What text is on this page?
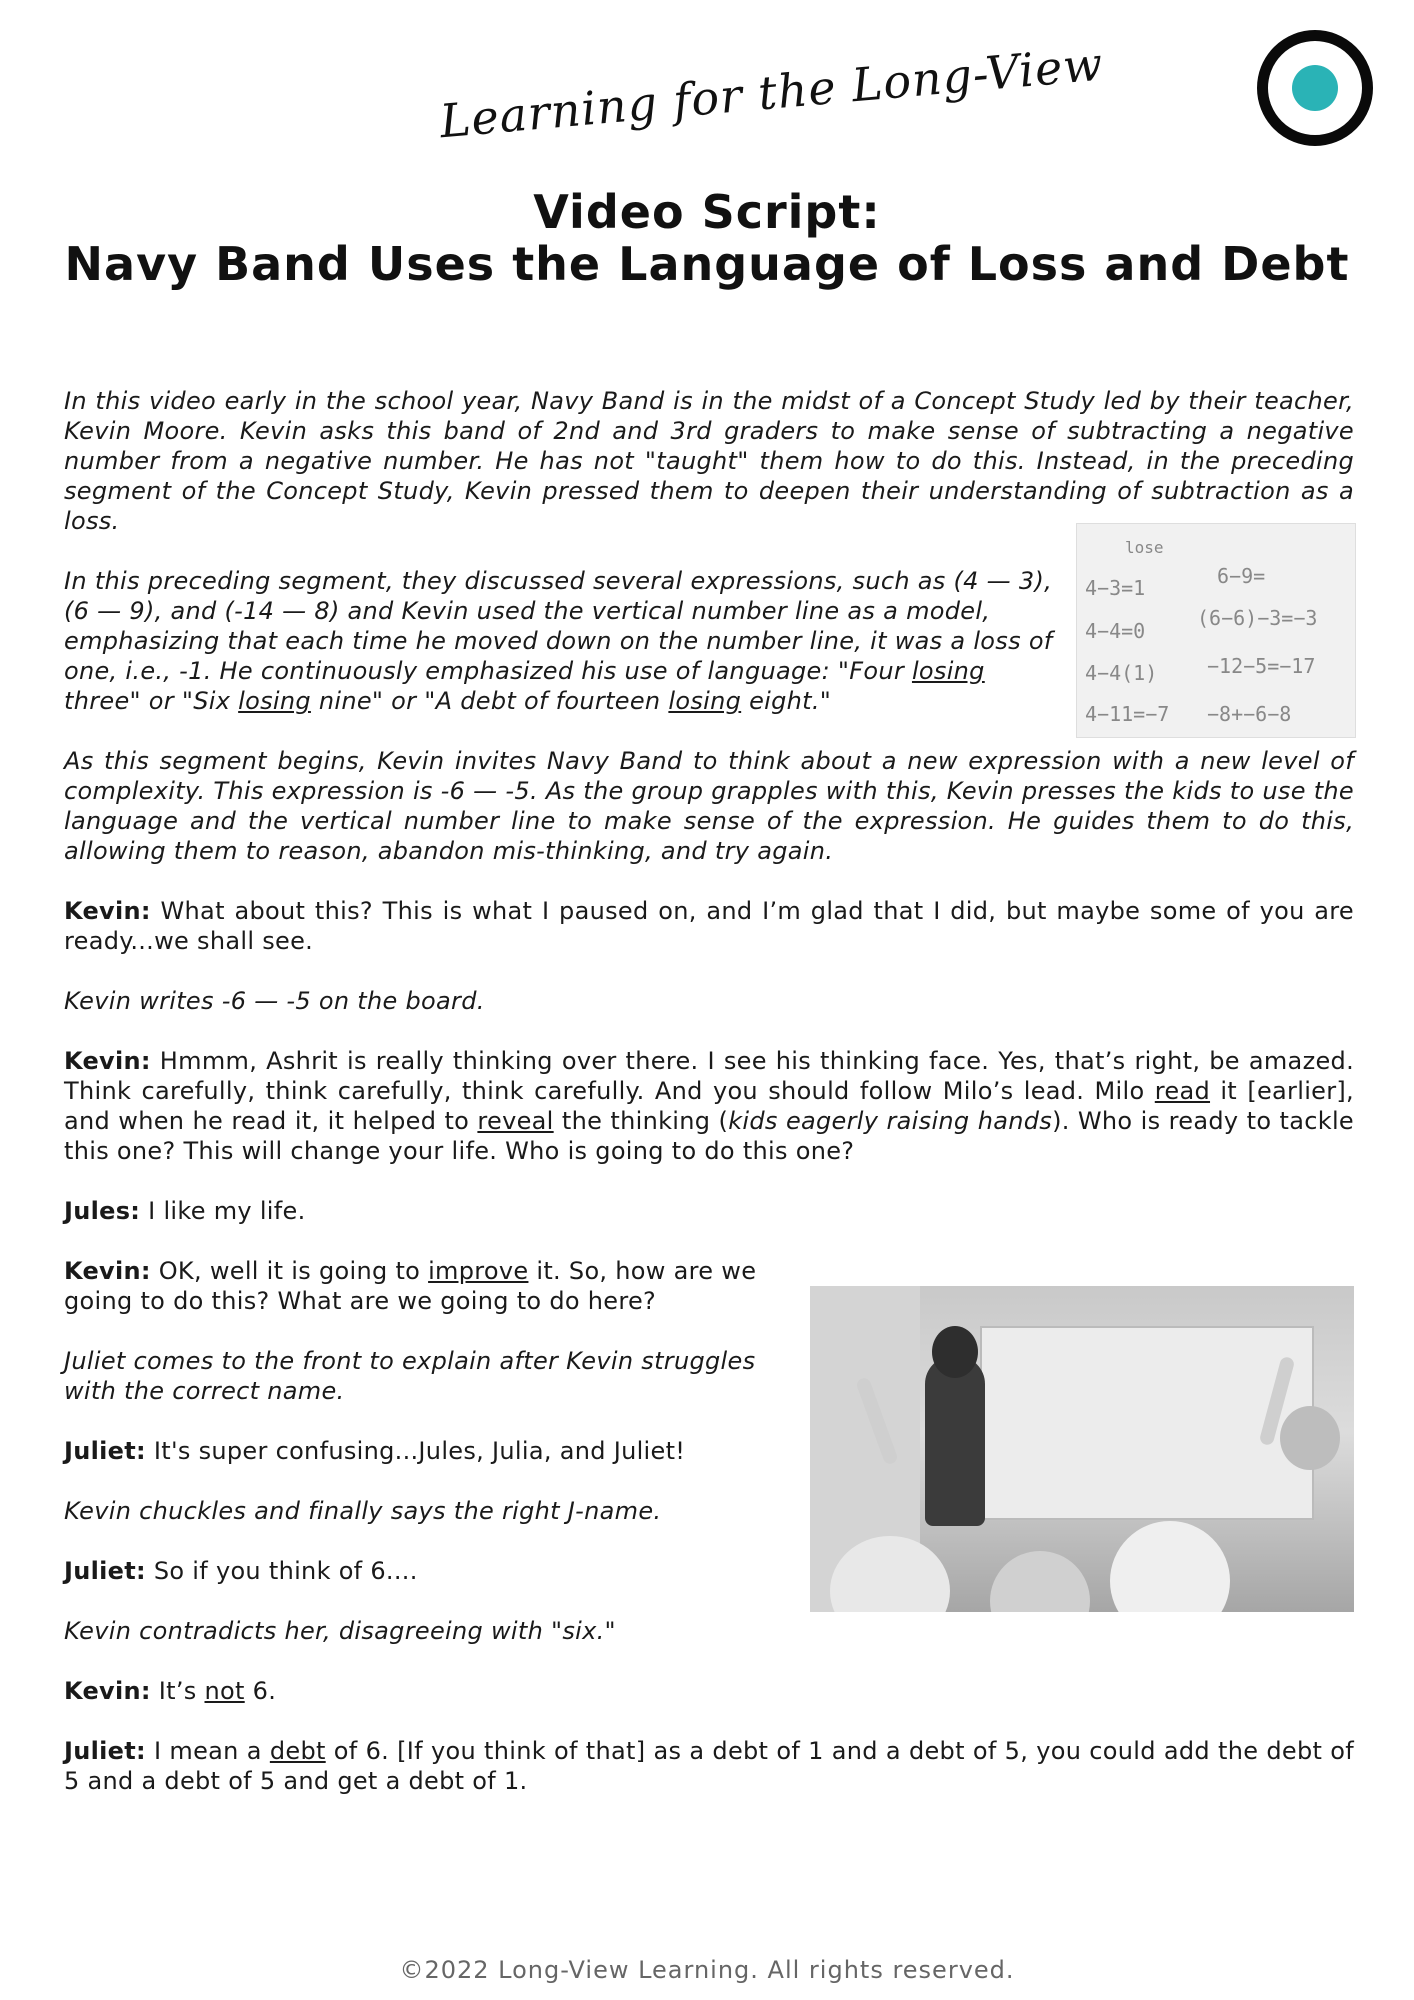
Learning for the Long-View
Video Script:
Navy Band Uses the Language of Loss and Debt

In this video early in the school year, Navy Band is in the midst of a Concept Study led by their teacher, Kevin Moore. Kevin asks this band of 2nd and 3rd graders to make sense of subtracting a negative number from a negative number. He has not "taught" them how to do this. Instead, in the preceding segment of the Concept Study, Kevin pressed them to deepen their understanding of subtraction as a loss.

In this preceding segment, they discussed several expressions, such as (4 — 3), (6 — 9), and (-14 — 8) and Kevin used the vertical number line as a model, emphasizing that each time he moved down on the number line, it was a loss of one, i.e., -1. He continuously emphasized his use of language: "Four losing three" or "Six losing nine" or "A debt of fourteen losing eight."

As this segment begins, Kevin invites Navy Band to think about a new expression with a new level of complexity. This expression is -6 — -5. As the group grapples with this, Kevin presses the kids to use the language and the vertical number line to make sense of the expression. He guides them to do this, allowing them to reason, abandon mis-thinking, and try again.

Kevin: What about this? This is what I paused on, and I’m glad that I did, but maybe some of you are ready...we shall see.

Kevin writes -6 — -5 on the board.

Kevin: Hmmm, Ashrit is really thinking over there. I see his thinking face. Yes, that’s right, be amazed. Think carefully, think carefully, think carefully. And you should follow Milo’s lead. Milo read it [earlier], and when he read it, it helped to reveal the thinking (kids eagerly raising hands). Who is ready to tackle this one? This will change your life. Who is going to do this one?

Jules: I like my life.

Kevin: OK, well it is going to improve it. So, how are we going to do this? What are we going to do here?

Juliet comes to the front to explain after Kevin struggles with the correct name.

Juliet: It's super confusing...Jules, Julia, and Juliet!

Kevin chuckles and finally says the right J-name.

Juliet: So if you think of 6....

Kevin contradicts her, disagreeing with "six."

Kevin: It’s not 6.

Juliet: I mean a debt of 6. [If you think of that] as a debt of 1 and a debt of 5, you could add the debt of 5 and a debt of 5 and get a debt of 1.

lose
4−3=1	6−9=
4−4=0
(6−6)−3=−3
4−4(1) −12−5=−17
4−11=−7 −8+−6−8
©2022 Long-View Learning. All rights reserved.
